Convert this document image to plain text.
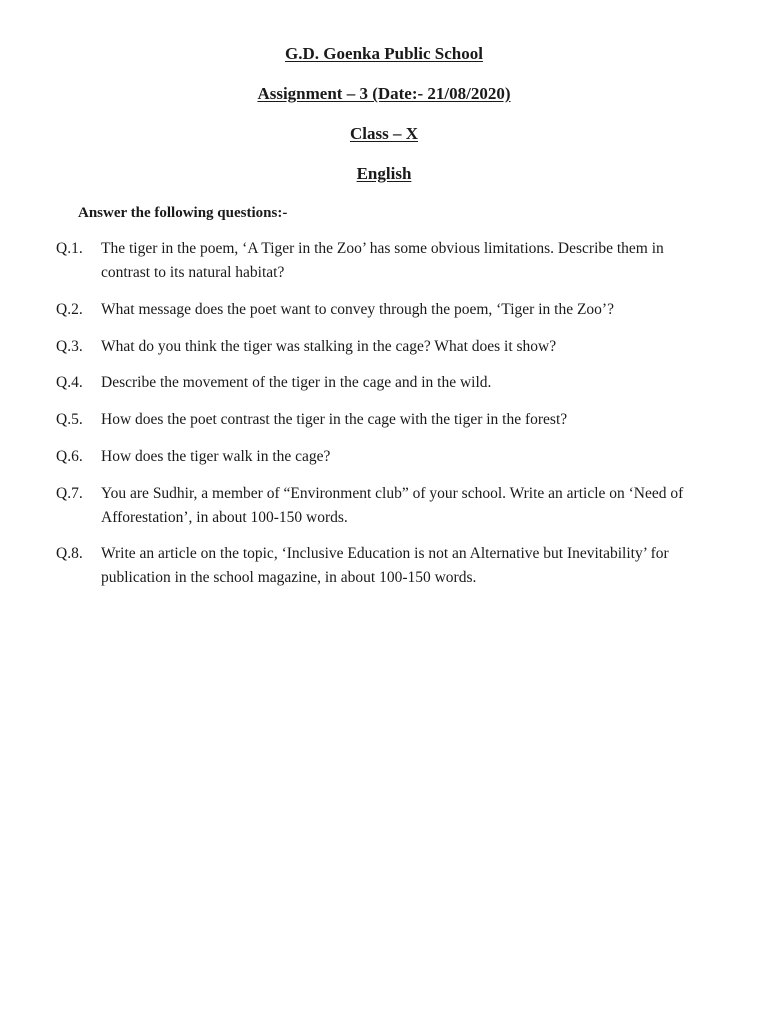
G.D. Goenka Public School
Assignment – 3 (Date:- 21/08/2020)
Class – X
English
Answer the following questions:-
Q.1.	The tiger in the poem, ‘A Tiger in the Zoo’ has some obvious limitations. Describe them in contrast to its natural habitat?
Q.2.	What message does the poet want to convey through the poem, ‘Tiger in the Zoo’?
Q.3.	What do you think the tiger was stalking in the cage? What does it show?
Q.4.	Describe the movement of the tiger in the cage and in the wild.
Q.5.	How does the poet contrast the tiger in the cage with the tiger in the forest?
Q.6.	How does the tiger walk in the cage?
Q.7.	You are Sudhir, a member of “Environment club” of your school. Write an article on ‘Need of Afforestation’, in about 100-150 words.
Q.8.	Write an article on the topic, ‘Inclusive Education is not an Alternative but Inevitability’ for publication in the school magazine, in about 100-150 words.
